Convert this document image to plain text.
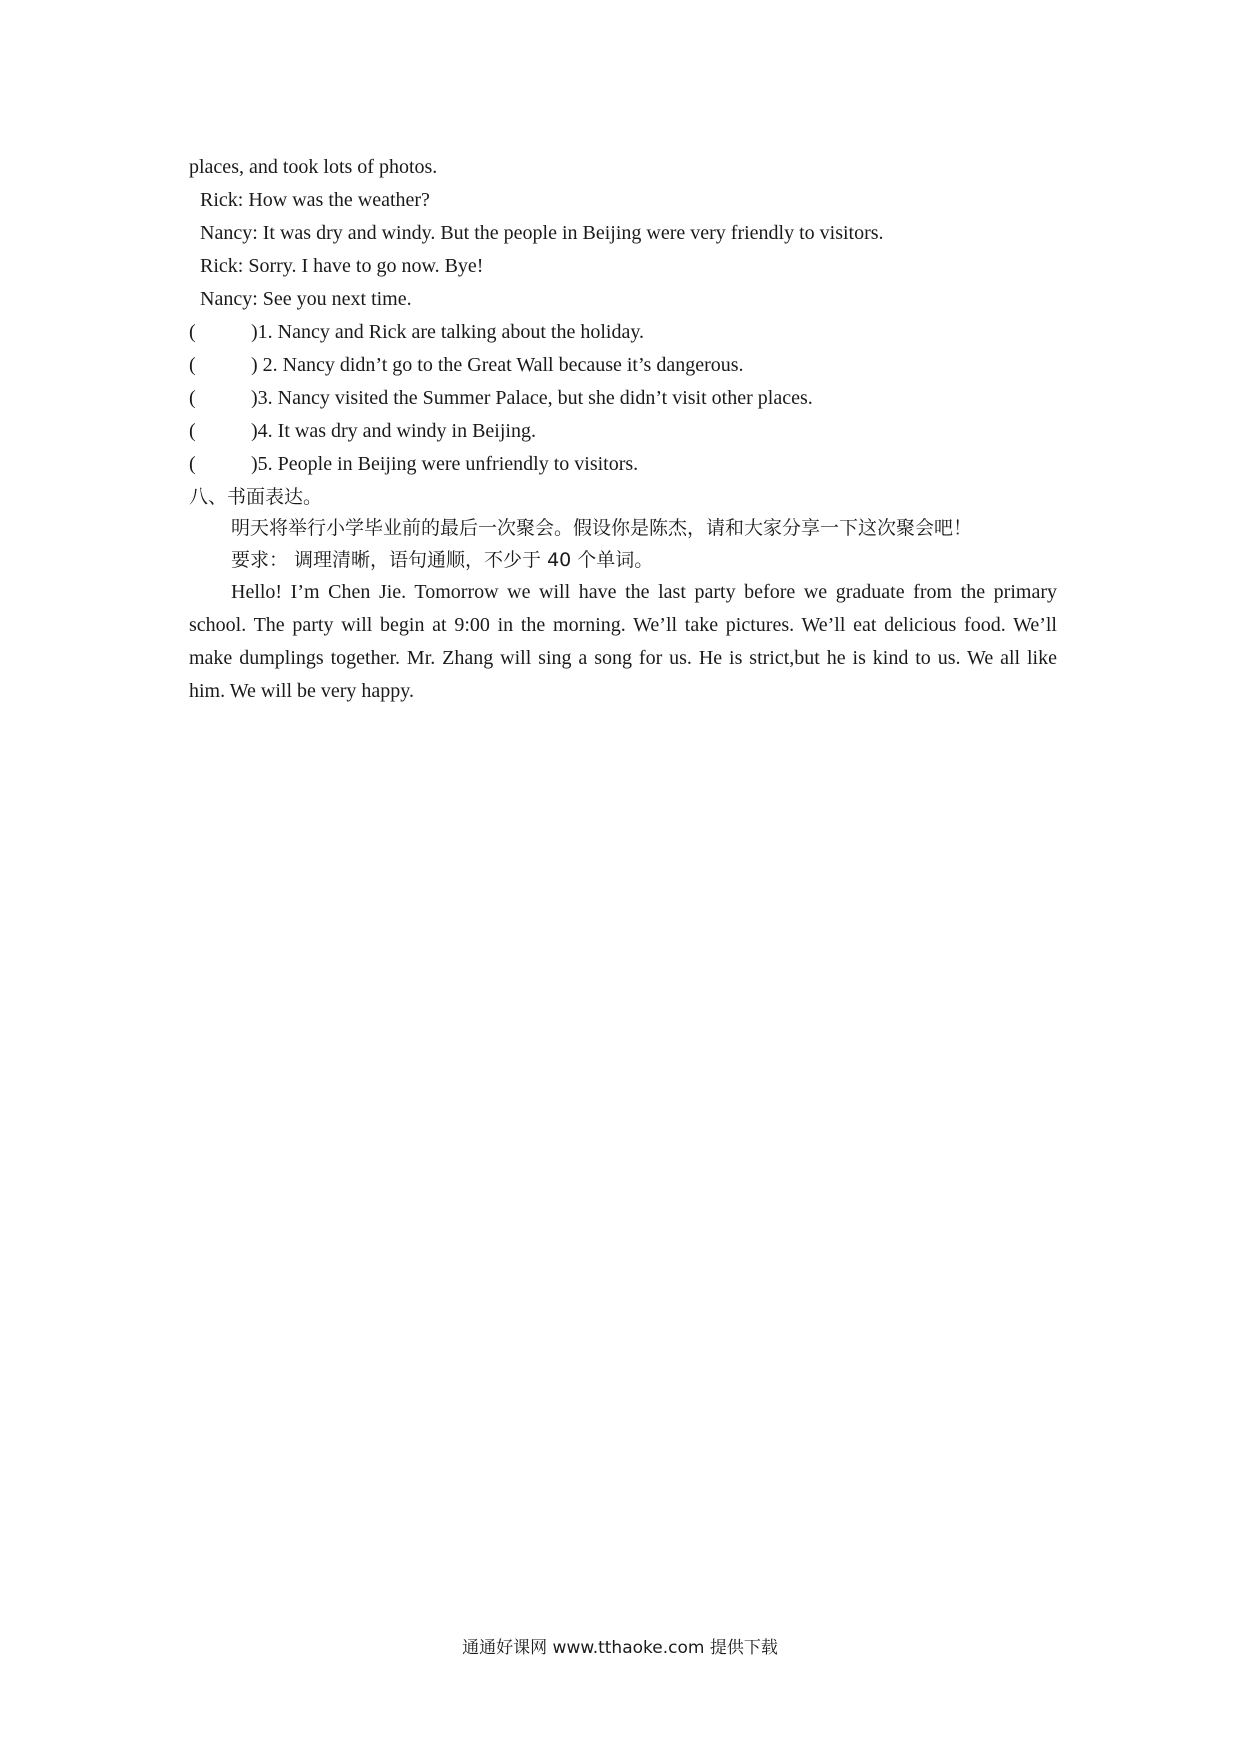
places, and took lots of photos.
Rick: How was the weather?
Nancy: It was dry and windy. But the people in Beijing were very friendly to visitors.
Rick: Sorry. I have to go now. Bye!
Nancy: See you next time.
(	)1. Nancy and Rick are talking about the holiday.
(	) 2. Nancy didn’t go to the Great Wall because it’s dangerous.
(	)3. Nancy visited the Summer Palace, but she didn’t visit other places.
(	)4. It was dry and windy in Beijing.
(	)5. People in Beijing were unfriendly to visitors.
八、书面表达。
明天将举行小学毕业前的最后一次聚会。假设你是陈杰，请和大家分享一下这次聚会吧！
要求： 调理清晰，语句通顺，不少于 40 个单词。

Hello! I’m Chen Jie. Tomorrow we will have the last party before we graduate from the primary school. The party will begin at 9:00 in the morning. We’ll take pictures. We’ll eat delicious food. We’ll make dumplings together. Mr. Zhang will sing a song for us. He is strict,but he is kind to us. We all like him. We will be very happy.

通通好课网 www.tthaoke.com 提供下载
